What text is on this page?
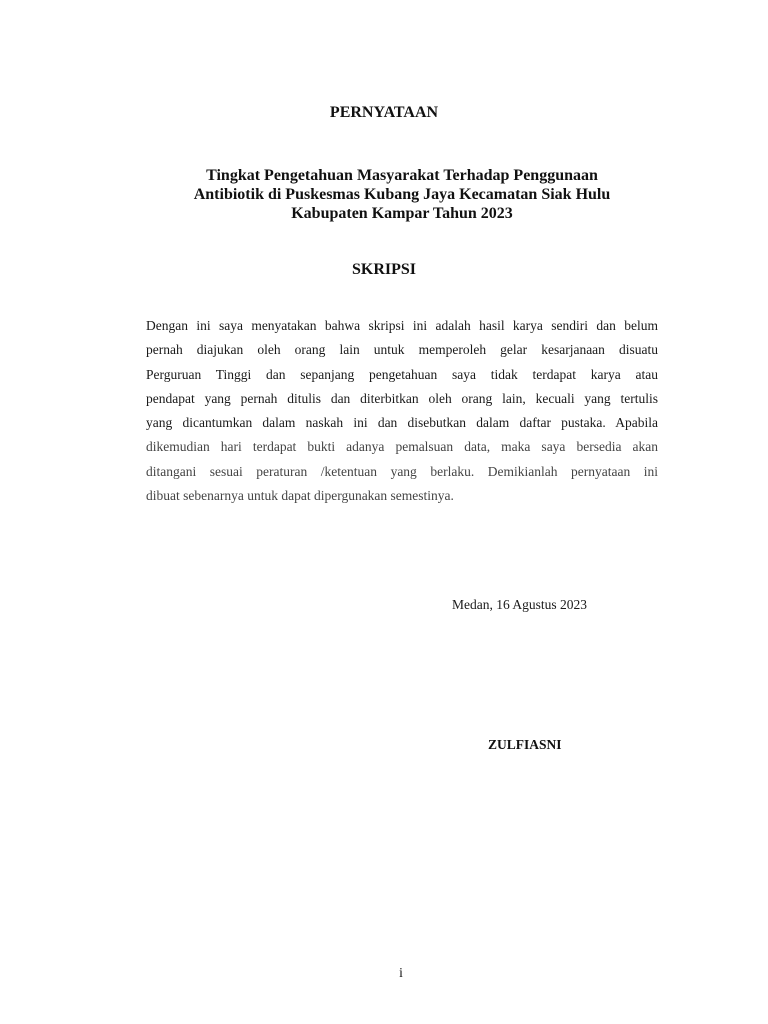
PERNYATAAN
Tingkat Pengetahuan Masyarakat Terhadap Penggunaan
Antibiotik di Puskesmas Kubang Jaya Kecamatan Siak Hulu
Kabupaten Kampar Tahun 2023
SKRIPSI
Dengan ini saya menyatakan bahwa skripsi ini adalah hasil karya sendiri dan belum
pernah diajukan oleh orang lain untuk memperoleh gelar kesarjanaan disuatu
Perguruan Tinggi dan sepanjang pengetahuan saya tidak terdapat karya atau
pendapat yang pernah ditulis dan diterbitkan oleh orang lain, kecuali yang tertulis
yang dicantumkan dalam naskah ini dan disebutkan dalam daftar pustaka. Apabila
dikemudian hari terdapat bukti adanya pemalsuan data, maka saya bersedia akan
ditangani sesuai peraturan /ketentuan yang berlaku. Demikianlah pernyataan ini
dibuat sebenarnya untuk dapat dipergunakan semestinya.
Medan, 16 Agustus 2023
ZULFIASNI
i
